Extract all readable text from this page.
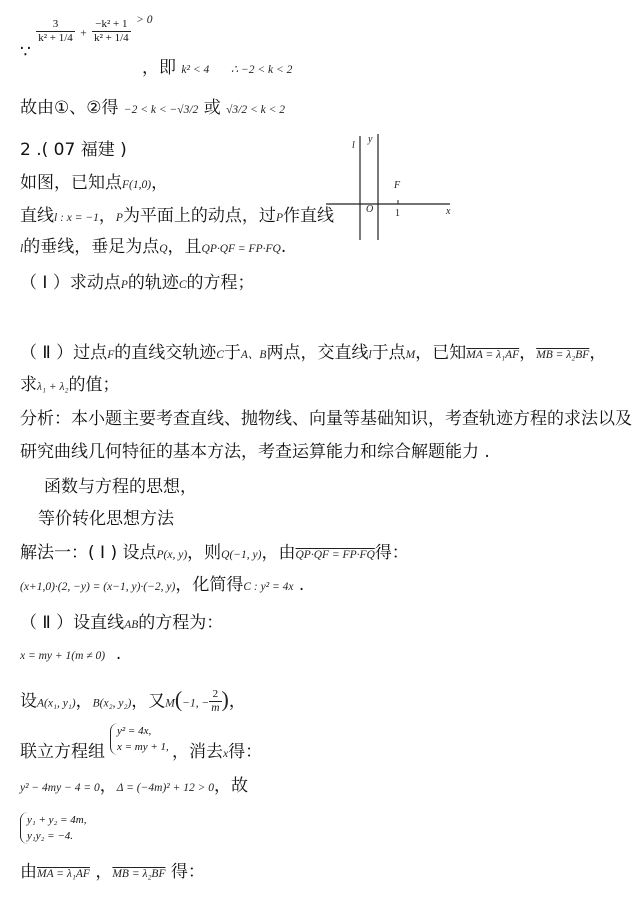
∵
$\frac{3}{\text{k² + 1/4}} + \frac{\text{−k² + 1}}{\text{k² + 1/4}} ^{> 0}$
，即 k² < 4 ∴ −2 < k < 2
故由①、②得 −2 < k < −√3/2 或 √3/2 < k < 2
2 .( 07 福建 )
如图，已知点F(1,0)，
直线l : x = −1，P为平面上的动点，过P作直线
l
y
F
O 1	x
l的垂线，垂足为点Q，且QP·QF = FP·FQ.
（ Ⅰ ）求动点P的轨迹C的方程；
（ Ⅱ ）过点F的直线交轨迹C于A、B两点，交直线l于点M，已知MA = λ₁AF，MB = λ₂BF，
求λ₁ + λ₂的值；
分析：本小题主要考查直线、抛物线、向量等基础知识，考查轨迹方程的求法以及
研究曲线几何特征的基本方法，考查运算能力和综合解题能力 .
函数与方程的思想，
等价转化思想方法
解法一：( Ⅰ ) 设点P(x, y)，则Q(−1, y)，由QP·QF = FP·FQ得：
(x+1,0)·(2, −y) = (x−1, y)·(−2, y)，化简得C : y² = 4x .
（ Ⅱ ）设直线AB的方程为：
x = my + 1(m ≠ 0) .
设A(x₁, y₁)，B(x₂, y₂)，又M(−1, − $\frac{2}{m}$ )，
y² = 4x,
x = my + 1,
联立方程组	，消去x得：
y² − 4my − 4 = 0，Δ = (−4m)² + 12 > 0，故
y₁ + y₂ = 4m,
y₁y₂ = −4.
由MA = λ₁AF ，MB = λ₂BF 得：
